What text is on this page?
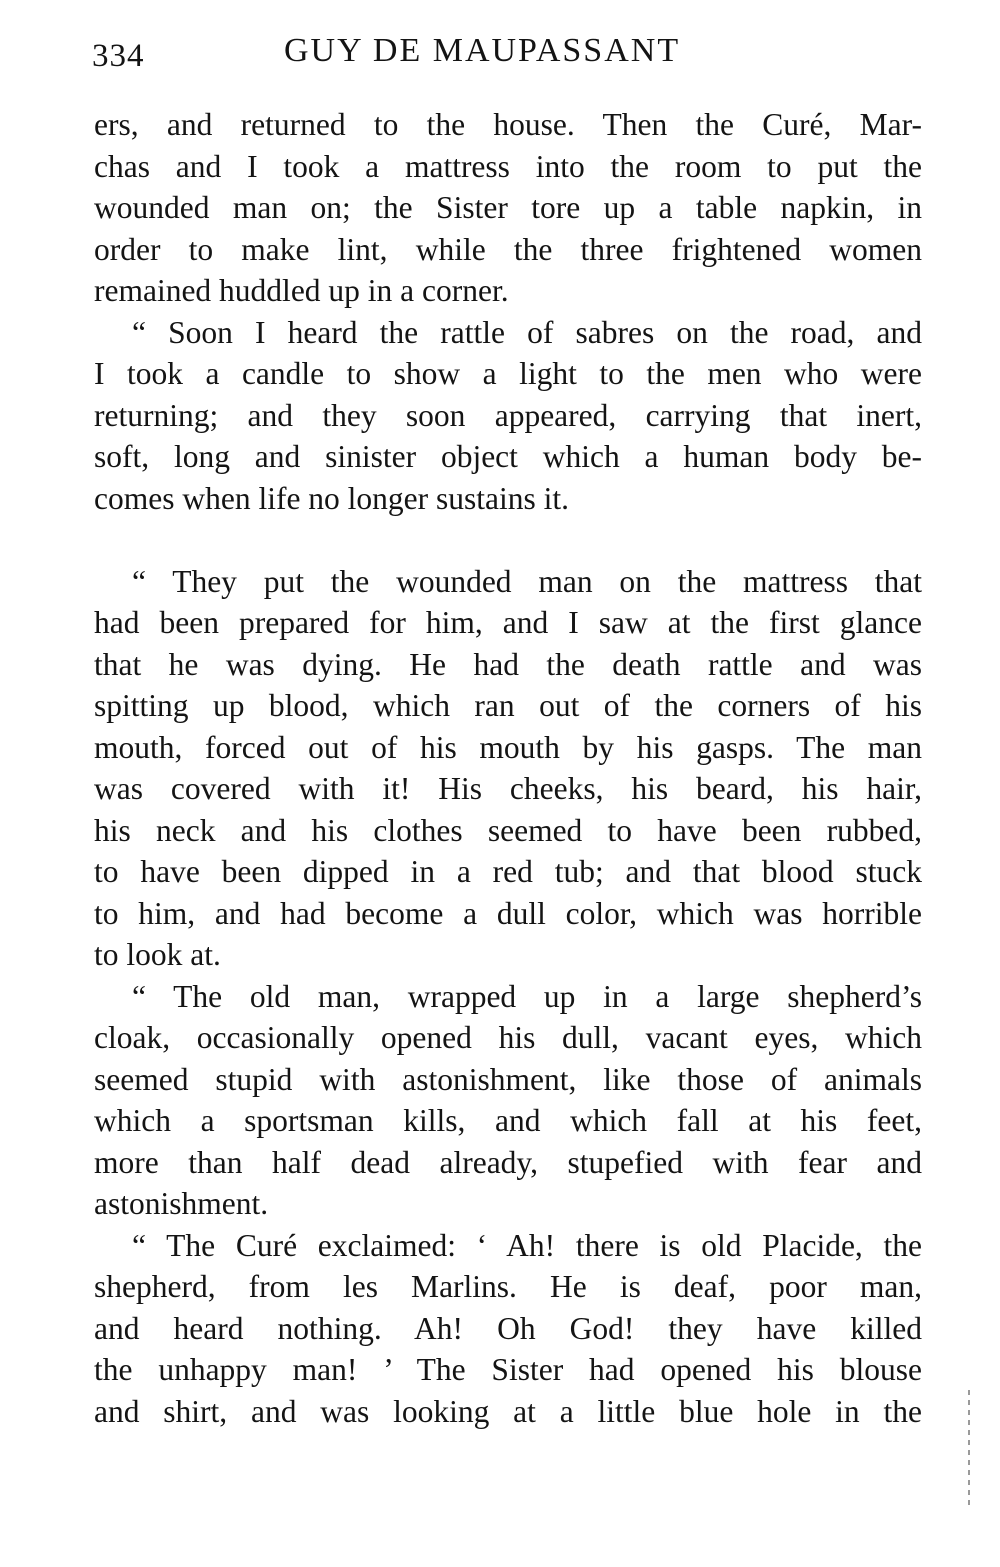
334	GUY DE MAUPASSANT
ers, and returned to the house. Then the Curé, Mar-
chas and I took a mattress into the room to put the
wounded man on; the Sister tore up a table napkin, in
order to make lint, while the three frightened women
remained huddled up in a corner.
“ Soon I heard the rattle of sabres on the road, and
I took a candle to show a light to the men who were
returning; and they soon appeared, carrying that inert,
soft, long and sinister object which a human body be-
comes when life no longer sustains it.
“ They put the wounded man on the mattress that
had been prepared for him, and I saw at the first glance
that he was dying. He had the death rattle and was
spitting up blood, which ran out of the corners of his
mouth, forced out of his mouth by his gasps. The man
was covered with it! His cheeks, his beard, his hair,
his neck and his clothes seemed to have been rubbed,
to have been dipped in a red tub; and that blood stuck
to him, and had become a dull color, which was horrible
to look at.
“ The old man, wrapped up in a large shepherd’s
cloak, occasionally opened his dull, vacant eyes, which
seemed stupid with astonishment, like those of animals
which a sportsman kills, and which fall at his feet,
more than half dead already, stupefied with fear and
astonishment.
“ The Curé exclaimed: ‘ Ah! there is old Placide, the
shepherd, from les Marlins. He is deaf, poor man,
and heard nothing. Ah! Oh God! they have killed
the unhappy man! ’ The Sister had opened his blouse
and shirt, and was looking at a little blue hole in the
